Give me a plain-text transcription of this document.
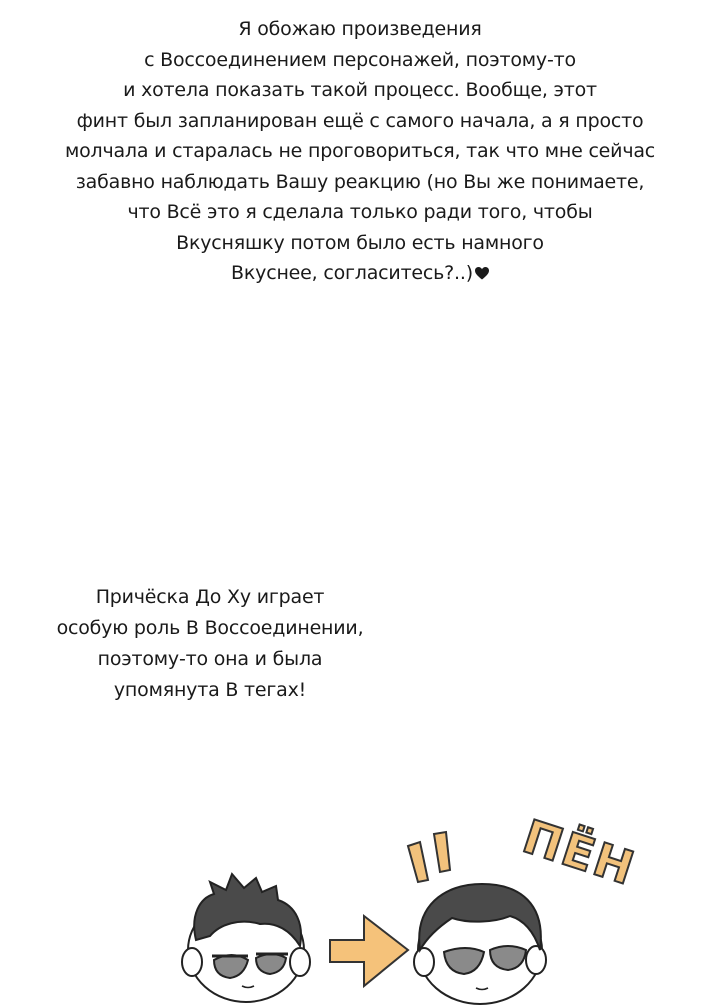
Я обожаю произведения
с Воссоединением персонажей, поэтому-то
и хотела показать такой процесс. Вообще, этот
финт был запланирован ещё с самого начала, а я просто
молчала и старалась не проговориться, так что мне сейчас
забавно наблюдать Вашу реакцию (но Вы же понимаете,
что Всё это я сделала только ради того, чтобы
Вкусняшку потом было есть намного
Вкуснее, согласитесь?..)
Причёска До Ху играет
особую роль В Воссоединении,
поэтому-то она и была
упомянута В тегах!
ПЁН
